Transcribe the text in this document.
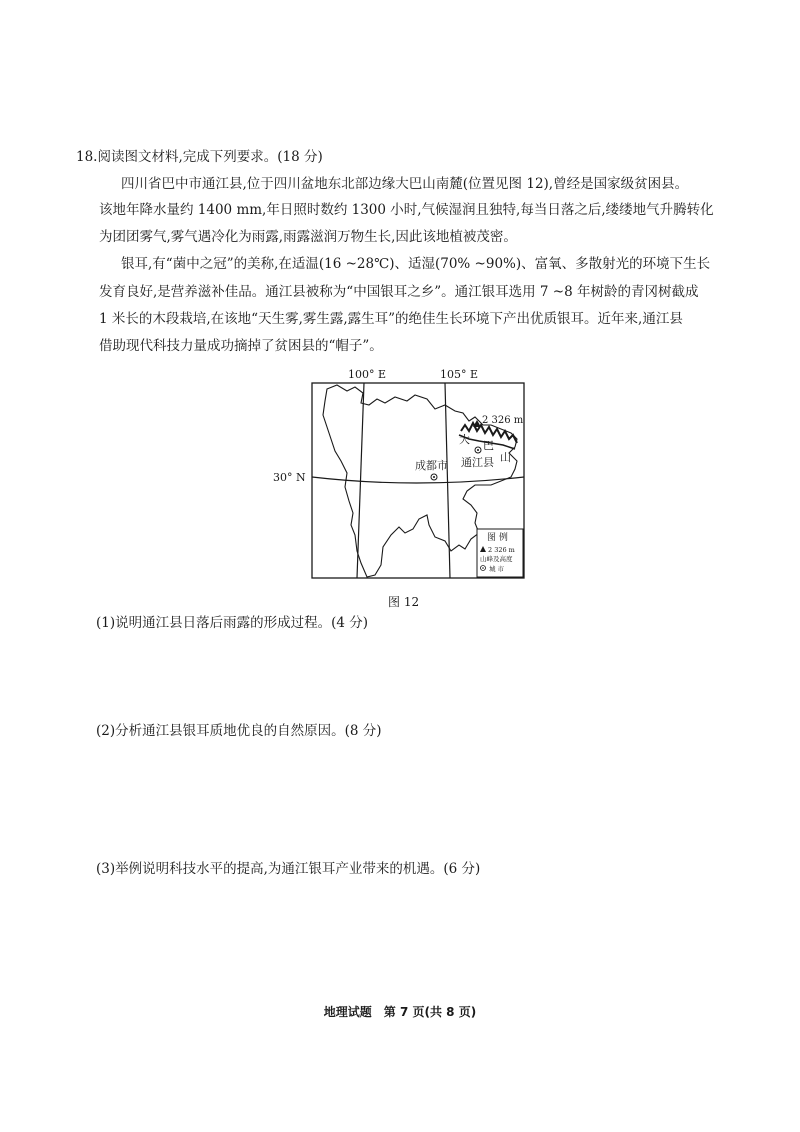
18.阅读图文材料,完成下列要求。(18 分)
四川省巴中市通江县,位于四川盆地东北部边缘大巴山南麓(位置见图 12),曾经是国家级贫困县。
该地年降水量约 1400 mm,年日照时数约 1300 小时,气候湿润且独特,每当日落之后,缕缕地气升腾转化
为团团雾气,雾气遇冷化为雨露,雨露滋润万物生长,因此该地植被茂密。
银耳,有“菌中之冠”的美称,在适温(16 ~28℃)、适湿(70% ~90%)、富氧、多散射光的环境下生长
发育良好,是营养滋补佳品。通江县被称为“中国银耳之乡”。通江银耳选用 7 ~8 年树龄的青冈树截成
1 米长的木段栽培,在该地“天生雾,雾生露,露生耳”的绝佳生长环境下产出优质银耳。近年来,通江县
借助现代科技力量成功摘掉了贫困县的“帽子”。
100° E	105° E
30° N
2 326 m
大 巴
山
通江县
成都市
图 例
2 326 m
山峰及高度
城 市
图 12
(1)说明通江县日落后雨露的形成过程。(4 分)
(2)分析通江县银耳质地优良的自然原因。(8 分)
(3)举例说明科技水平的提高,为通江银耳产业带来的机遇。(6 分)
地理试题　第 7 页(共 8 页)
